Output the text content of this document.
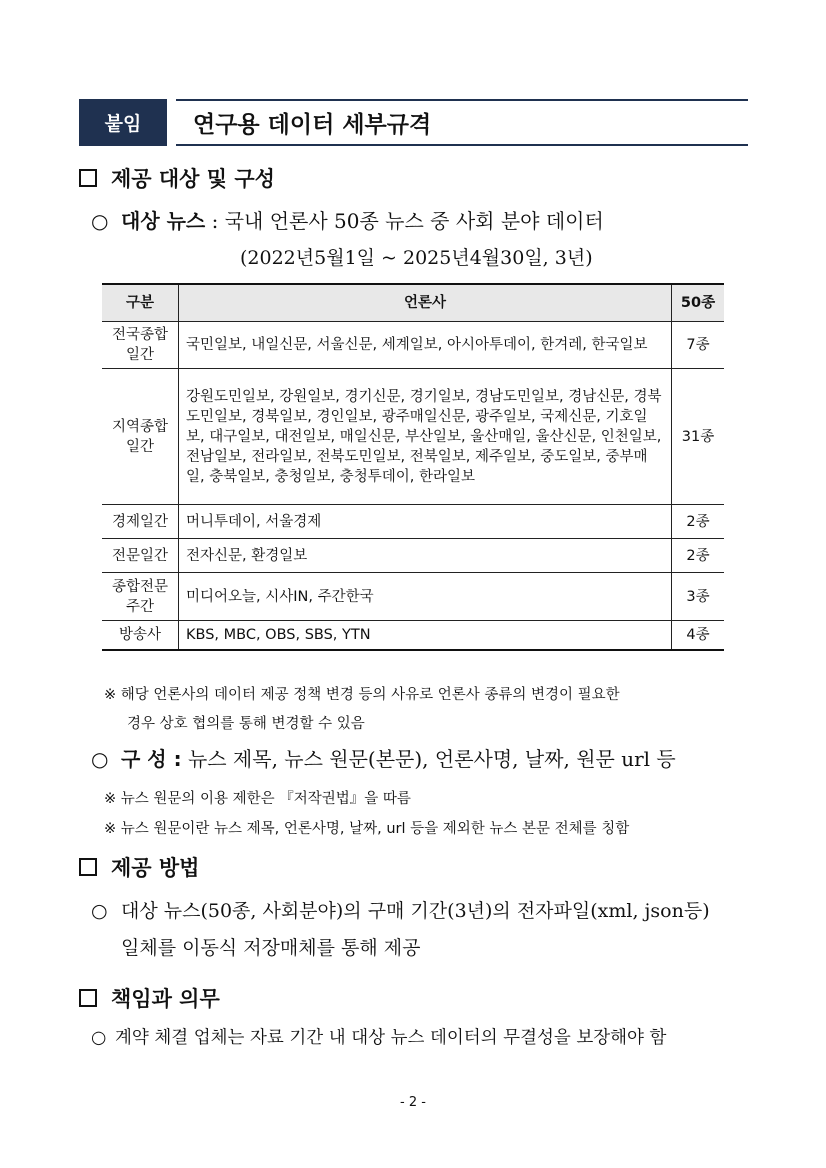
붙임	연구용 데이터 세부규격
제공 대상 및 구성
○ 대상 뉴스 : 국내 언론사 50종 뉴스 중 사회 분야 데이터
(2022년5월1일 ~ 2025년4월30일, 3년)
구분	언론사	50종
전국종합
일간	국민일보, 내일신문, 서울신문, 세계일보, 아시아투데이, 한겨레, 한국일보	7종
지역종합
일간	강원도민일보, 강원일보, 경기신문, 경기일보, 경남도민일보, 경남신문, 경북도민일보, 경북일보, 경인일보, 광주매일신문, 광주일보, 국제신문, 기호일보, 대구일보, 대전일보, 매일신문, 부산일보, 울산매일, 울산신문, 인천일보, 전남일보, 전라일보, 전북도민일보, 전북일보, 제주일보, 중도일보, 중부매일, 충북일보, 충청일보, 충청투데이, 한라일보	31종
경제일간	머니투데이, 서울경제	2종
전문일간	전자신문, 환경일보	2종
종합전문
주간	미디어오늘, 시사IN, 주간한국	3종
방송사	KBS, MBC, OBS, SBS, YTN	4종
※ 해당 언론사의 데이터 제공 정책 변경 등의 사유로 언론사 종류의 변경이 필요한
경우 상호 협의를 통해 변경할 수 있음
○ 구 성 : 뉴스 제목, 뉴스 원문(본문), 언론사명, 날짜, 원문 url 등
※ 뉴스 원문의 이용 제한은 『저작권법』을 따름
※ 뉴스 원문이란 뉴스 제목, 언론사명, 날짜, url 등을 제외한 뉴스 본문 전체를 칭함
제공 방법
○ 대상 뉴스(50종, 사회분야)의 구매 기간(3년)의 전자파일(xml, json등)
일체를 이동식 저장매체를 통해 제공
책임과 의무
○ 계약 체결 업체는 자료 기간 내 대상 뉴스 데이터의 무결성을 보장해야 함
- 2 -
